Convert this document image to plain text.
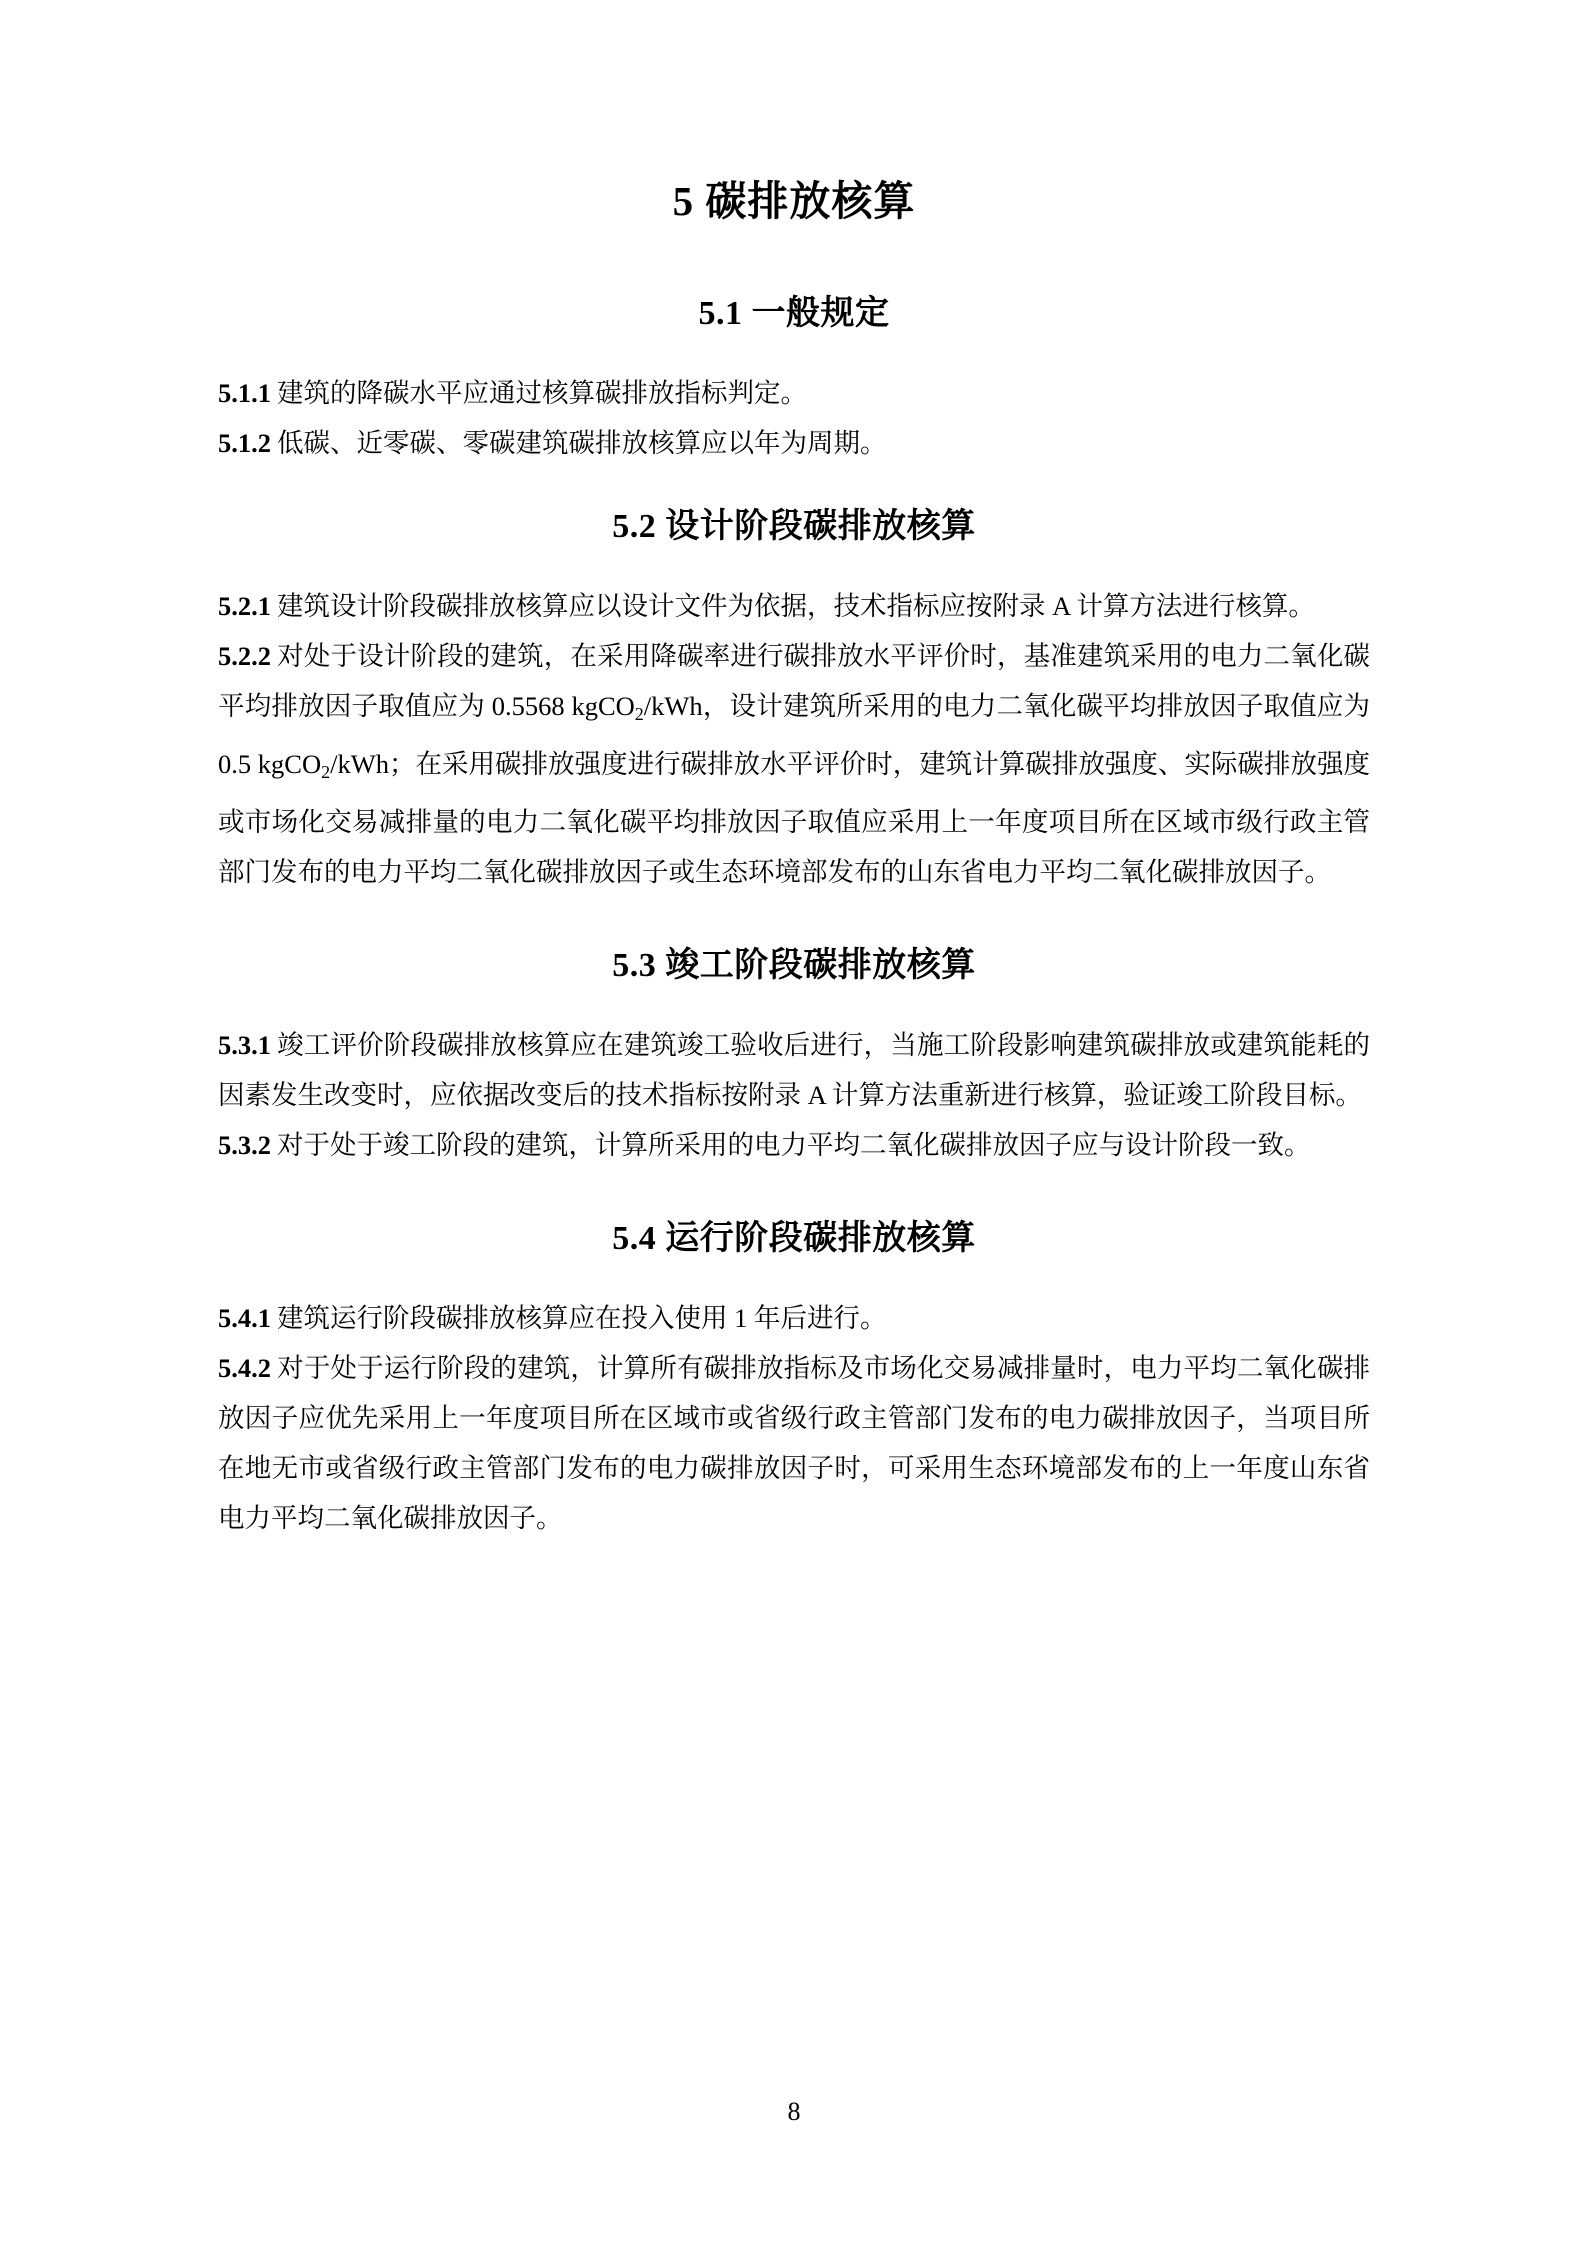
5 碳排放核算
5.1 一般规定

5.1.1 建筑的降碳水平应通过核算碳排放指标判定。

5.1.2 低碳、近零碳、零碳建筑碳排放核算应以年为周期。

5.2 设计阶段碳排放核算

5.2.1 建筑设计阶段碳排放核算应以设计文件为依据，技术指标应按附录 A 计算方法进行核算。

5.2.2 对处于设计阶段的建筑，在采用降碳率进行碳排放水平评价时，基准建筑采用的电力二氧化碳平均排放因子取值应为 0.5568 kgCO$_2$/kWh，设计建筑所采用的电力二氧化碳平均排放因子取值应为 0.5 kgCO$_2$/kWh；在采用碳排放强度进行碳排放水平评价时，建筑计算碳排放强度、实际碳排放强度或市场化交易减排量的电力二氧化碳平均排放因子取值应采用上一年度项目所在区域市级行政主管部门发布的电力平均二氧化碳排放因子或生态环境部发布的山东省电力平均二氧化碳排放因子。

5.3 竣工阶段碳排放核算

5.3.1 竣工评价阶段碳排放核算应在建筑竣工验收后进行，当施工阶段影响建筑碳排放或建筑能耗的因素发生改变时，应依据改变后的技术指标按附录 A 计算方法重新进行核算，验证竣工阶段目标。

5.3.2 对于处于竣工阶段的建筑，计算所采用的电力平均二氧化碳排放因子应与设计阶段一致。

5.4 运行阶段碳排放核算

5.4.1 建筑运行阶段碳排放核算应在投入使用 1 年后进行。

5.4.2 对于处于运行阶段的建筑，计算所有碳排放指标及市场化交易减排量时，电力平均二氧化碳排放因子应优先采用上一年度项目所在区域市或省级行政主管部门发布的电力碳排放因子，当项目所在地无市或省级行政主管部门发布的电力碳排放因子时，可采用生态环境部发布的上一年度山东省电力平均二氧化碳排放因子。

8
